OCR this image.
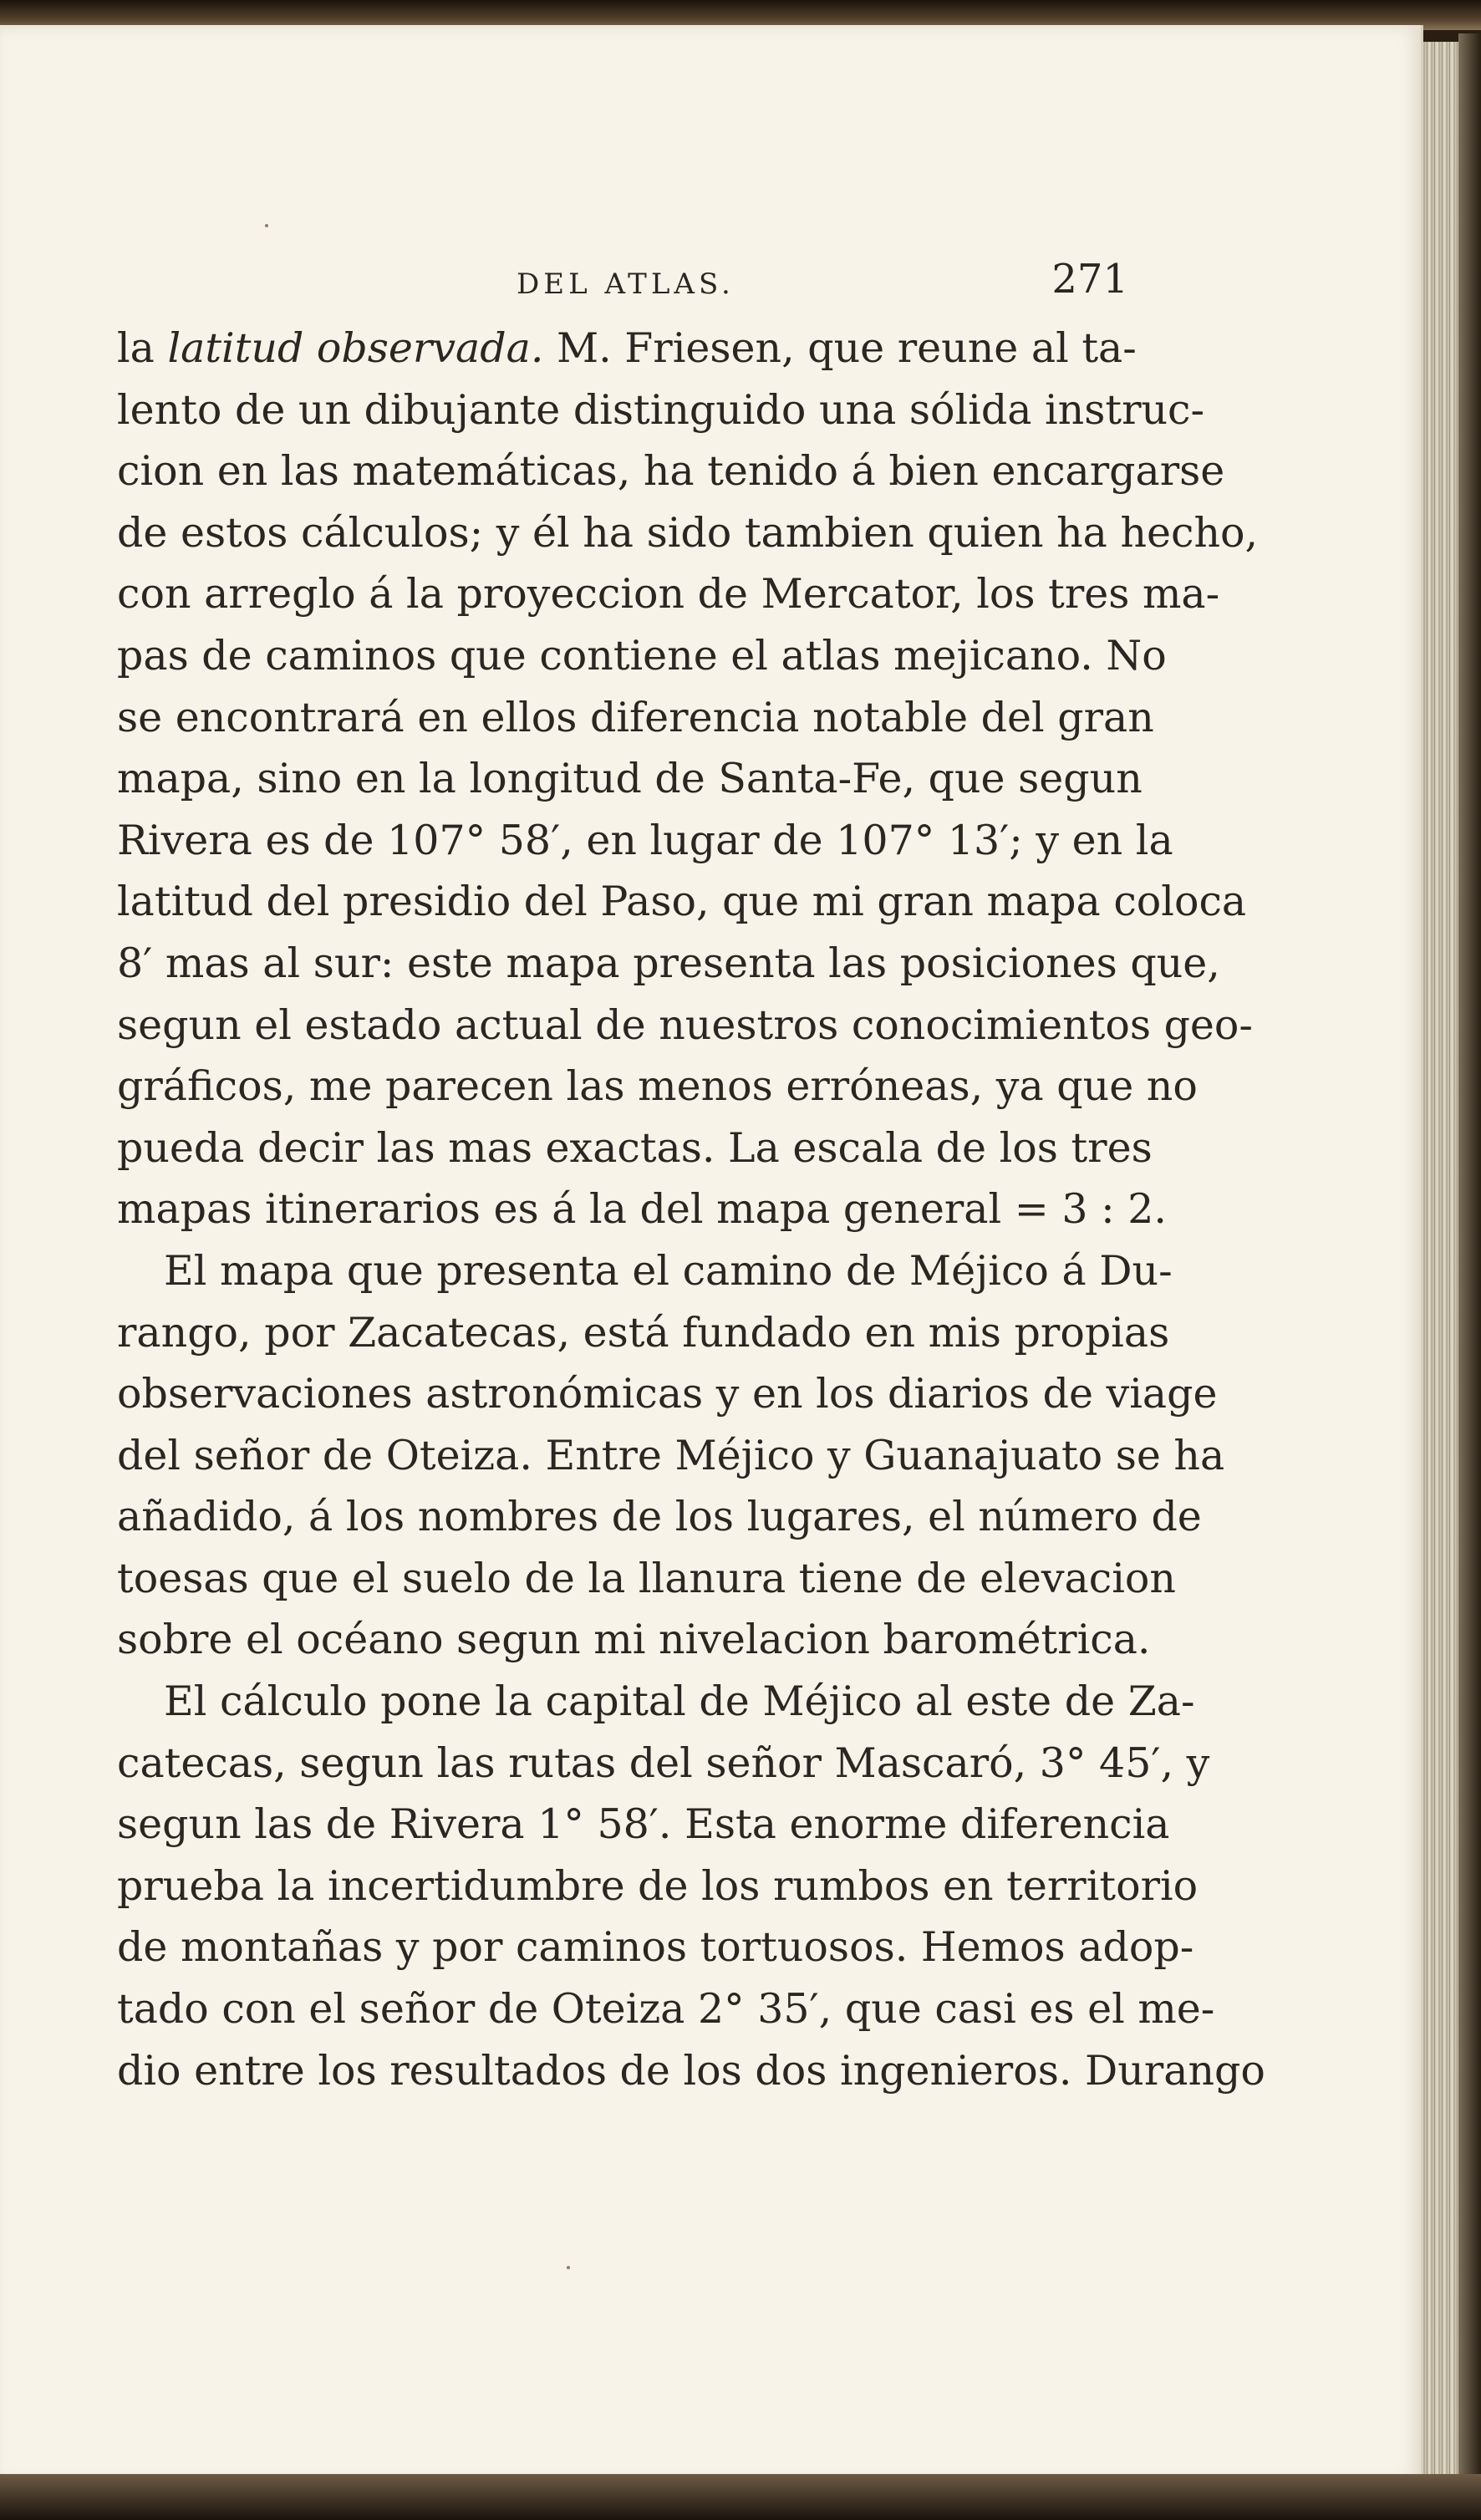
DEL ATLAS.	271
la latitud observada. M. Friesen, que reune al ta-
lento de un dibujante distinguido una sólida instruc-
cion en las matemáticas, ha tenido á bien encargarse
de estos cálculos; y él ha sido tambien quien ha hecho,
con arreglo á la proyeccion de Mercator, los tres ma-
pas de caminos que contiene el atlas mejicano. No
se encontrará en ellos diferencia notable del gran
mapa, sino en la longitud de Santa-Fe, que segun
Rivera es de 107° 58′, en lugar de 107° 13′; y en la
latitud del presidio del Paso, que mi gran mapa coloca
8′ mas al sur: este mapa presenta las posiciones que,
segun el estado actual de nuestros conocimientos geo-
gráficos, me parecen las menos erróneas, ya que no
pueda decir las mas exactas. La escala de los tres
mapas itinerarios es á la del mapa general = 3 : 2.
El mapa que presenta el camino de Méjico á Du-
rango, por Zacatecas, está fundado en mis propias
observaciones astronómicas y en los diarios de viage
del señor de Oteiza. Entre Méjico y Guanajuato se ha
añadido, á los nombres de los lugares, el número de
toesas que el suelo de la llanura tiene de elevacion
sobre el océano segun mi nivelacion barométrica.
El cálculo pone la capital de Méjico al este de Za-
catecas, segun las rutas del señor Mascaró, 3° 45′, y
segun las de Rivera 1° 58′. Esta enorme diferencia
prueba la incertidumbre de los rumbos en territorio
de montañas y por caminos tortuosos. Hemos adop-
tado con el señor de Oteiza 2° 35′, que casi es el me-
dio entre los resultados de los dos ingenieros. Durango
